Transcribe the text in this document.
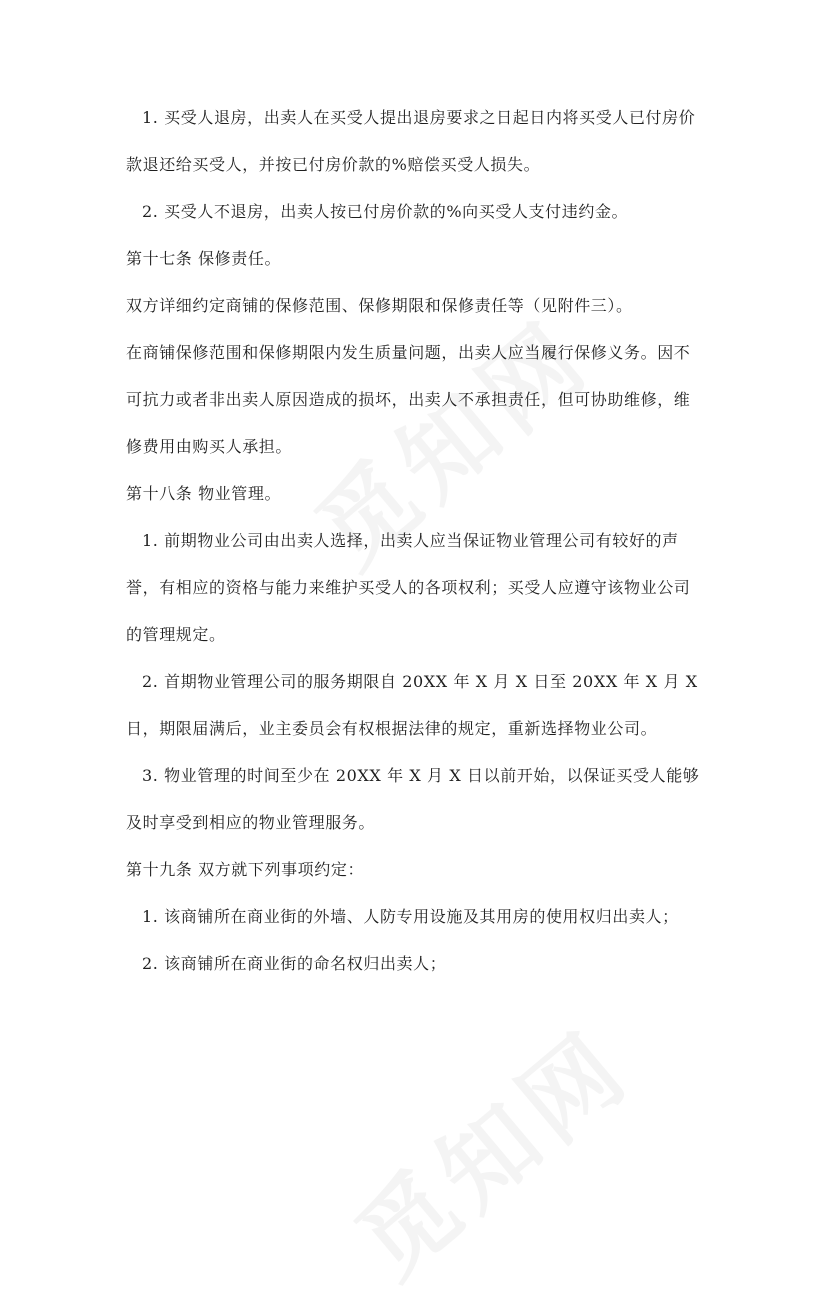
1. 买受人退房，出卖人在买受人提出退房要求之日起日内将买受人已付房价
款退还给买受人，并按已付房价款的%赔偿买受人损失。
2. 买受人不退房，出卖人按已付房价款的%向买受人支付违约金。
第十七条 保修责任。
双方详细约定商铺的保修范围、保修期限和保修责任等（见附件三）。
在商铺保修范围和保修期限内发生质量问题，出卖人应当履行保修义务。因不
可抗力或者非出卖人原因造成的损坏，出卖人不承担责任，但可协助维修，维
修费用由购买人承担。
第十八条 物业管理。
1. 前期物业公司由出卖人选择，出卖人应当保证物业管理公司有较好的声
誉，有相应的资格与能力来维护买受人的各项权利；买受人应遵守该物业公司
的管理规定。
2. 首期物业管理公司的服务期限自 20XX 年 X 月 X 日至 20XX 年 X 月 X
日，期限届满后，业主委员会有权根据法律的规定，重新选择物业公司。
3. 物业管理的时间至少在 20XX 年 X 月 X 日以前开始，以保证买受人能够
及时享受到相应的物业管理服务。
第十九条 双方就下列事项约定：
1. 该商铺所在商业街的外墙、人防专用设施及其用房的使用权归出卖人；
2. 该商铺所在商业街的命名权归出卖人；
